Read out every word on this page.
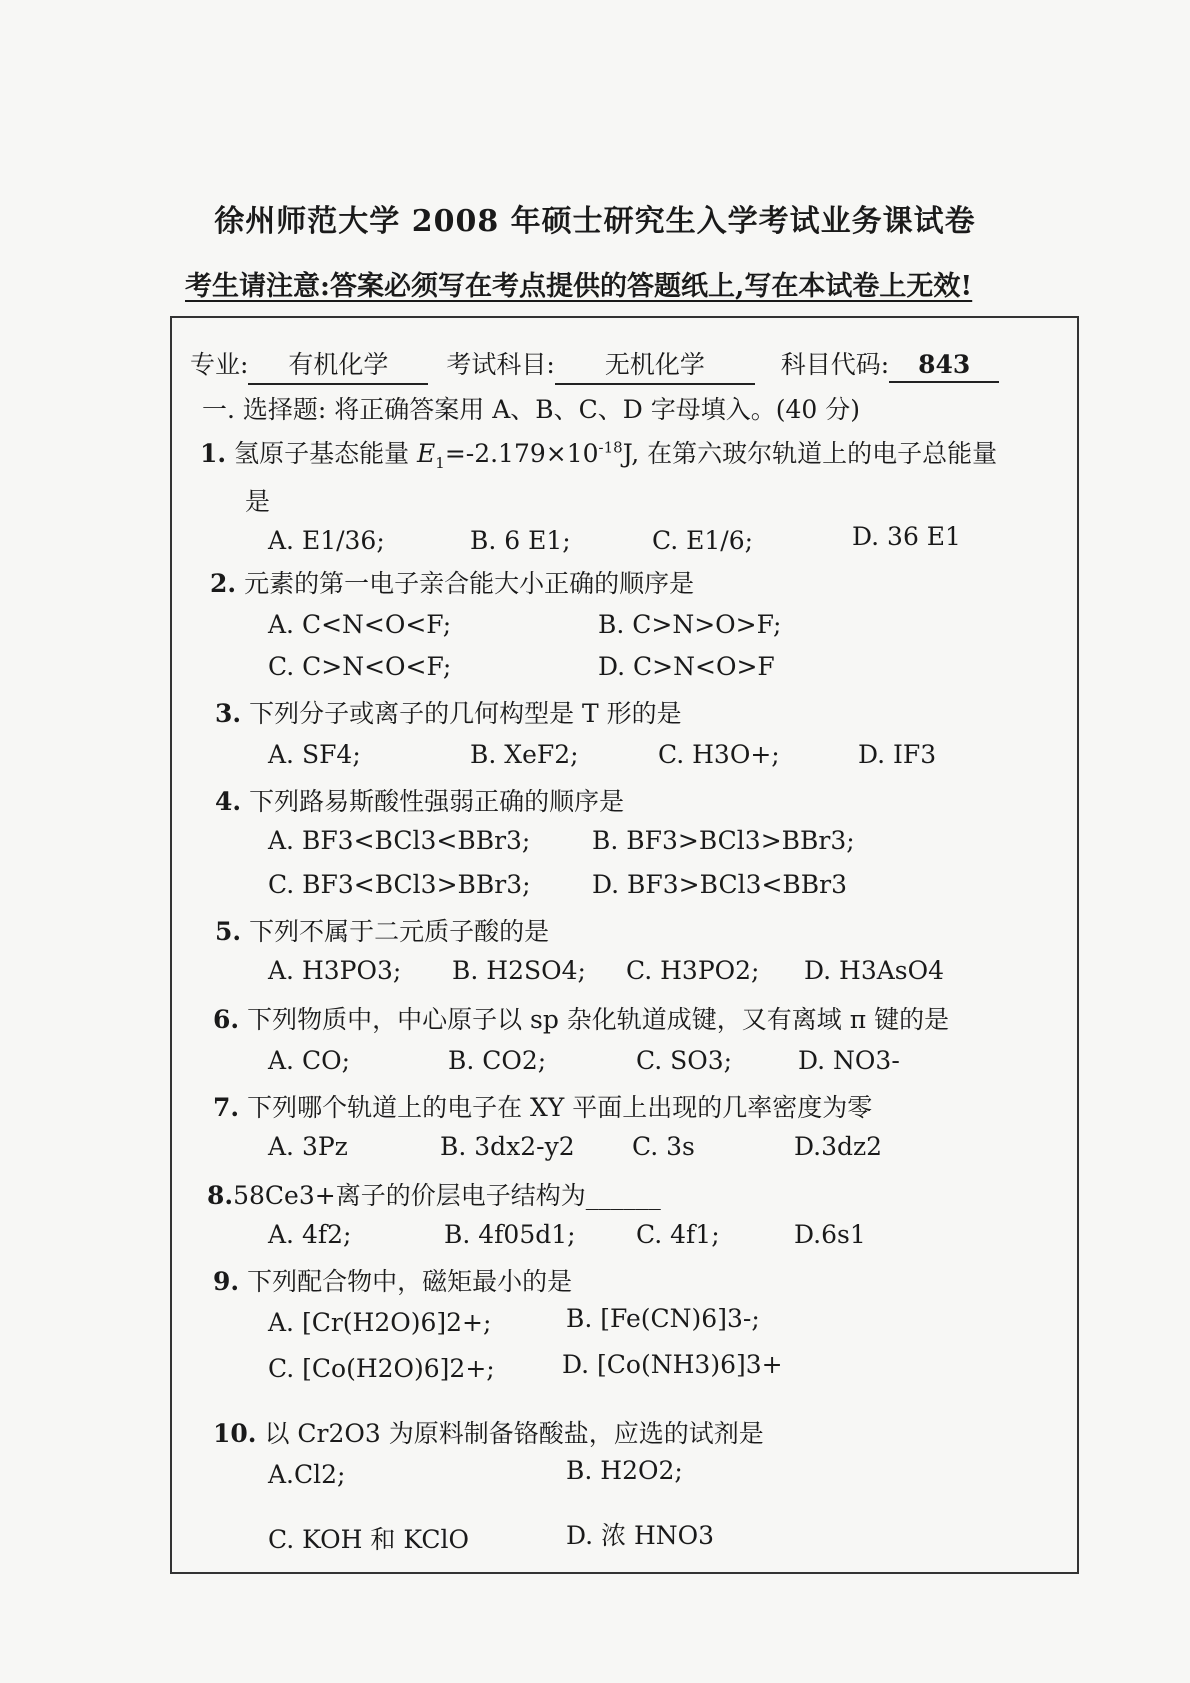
徐州师范大学 2008 年硕士研究生入学考试业务课试卷
考生请注意:答案必须写在考点提供的答题纸上,写在本试卷上无效!
专业: 有机化学 考试科目: 无机化学	科目代码: 843
一. 选择题: 将正确答案用 A、B、C、D 字母填入。(40 分)
1. 氢原子基态能量 $E_1=-2.179\times 10^{-18}J$, 在第六玻尔轨道上的电子总能量
是
A. E1/36;	B. 6 E1;	C. E1/6;	D. 36 E1
2. 元素的第一电子亲合能大小正确的顺序是
A. C<N<O<F;	B. C>N>O>F;
C. C>N<O<F;	D. C>N<O>F
3. 下列分子或离子的几何构型是 T 形的是
A. SF4;	B. XeF2;	C. H3O+;	D. IF3
4. 下列路易斯酸性强弱正确的顺序是
A. BF3<BCl3<BBr3; B. BF3>BCl3>BBr3;
C. BF3<BCl3>BBr3; D. BF3>BCl3<BBr3
5. 下列不属于二元质子酸的是
A. H3PO3; B. H2SO4; C. H3PO2; D. H3AsO4
6. 下列物质中，中心原子以 sp 杂化轨道成键，又有离域 π 键的是
A. CO;	B. CO2;	C. SO3;	D. NO3-
7. 下列哪个轨道上的电子在 XY 平面上出现的几率密度为零
A. 3Pz	B. 3dx2-y2 C. 3s	D.3dz2
8.58Ce3+离子的价层电子结构为______
A. 4f2;	B. 4f05d1; C. 4f1;	D.6s1
9. 下列配合物中，磁矩最小的是
A. [Cr(H2O)6]2+;	B. [Fe(CN)6]3-;
C. [Co(H2O)6]2+;	D. [Co(NH3)6]3+
10. 以 Cr2O3 为原料制备铬酸盐，应选的试剂是
A.Cl2;	B. H2O2;
C. KOH 和 KClO	D. 浓 HNO3
